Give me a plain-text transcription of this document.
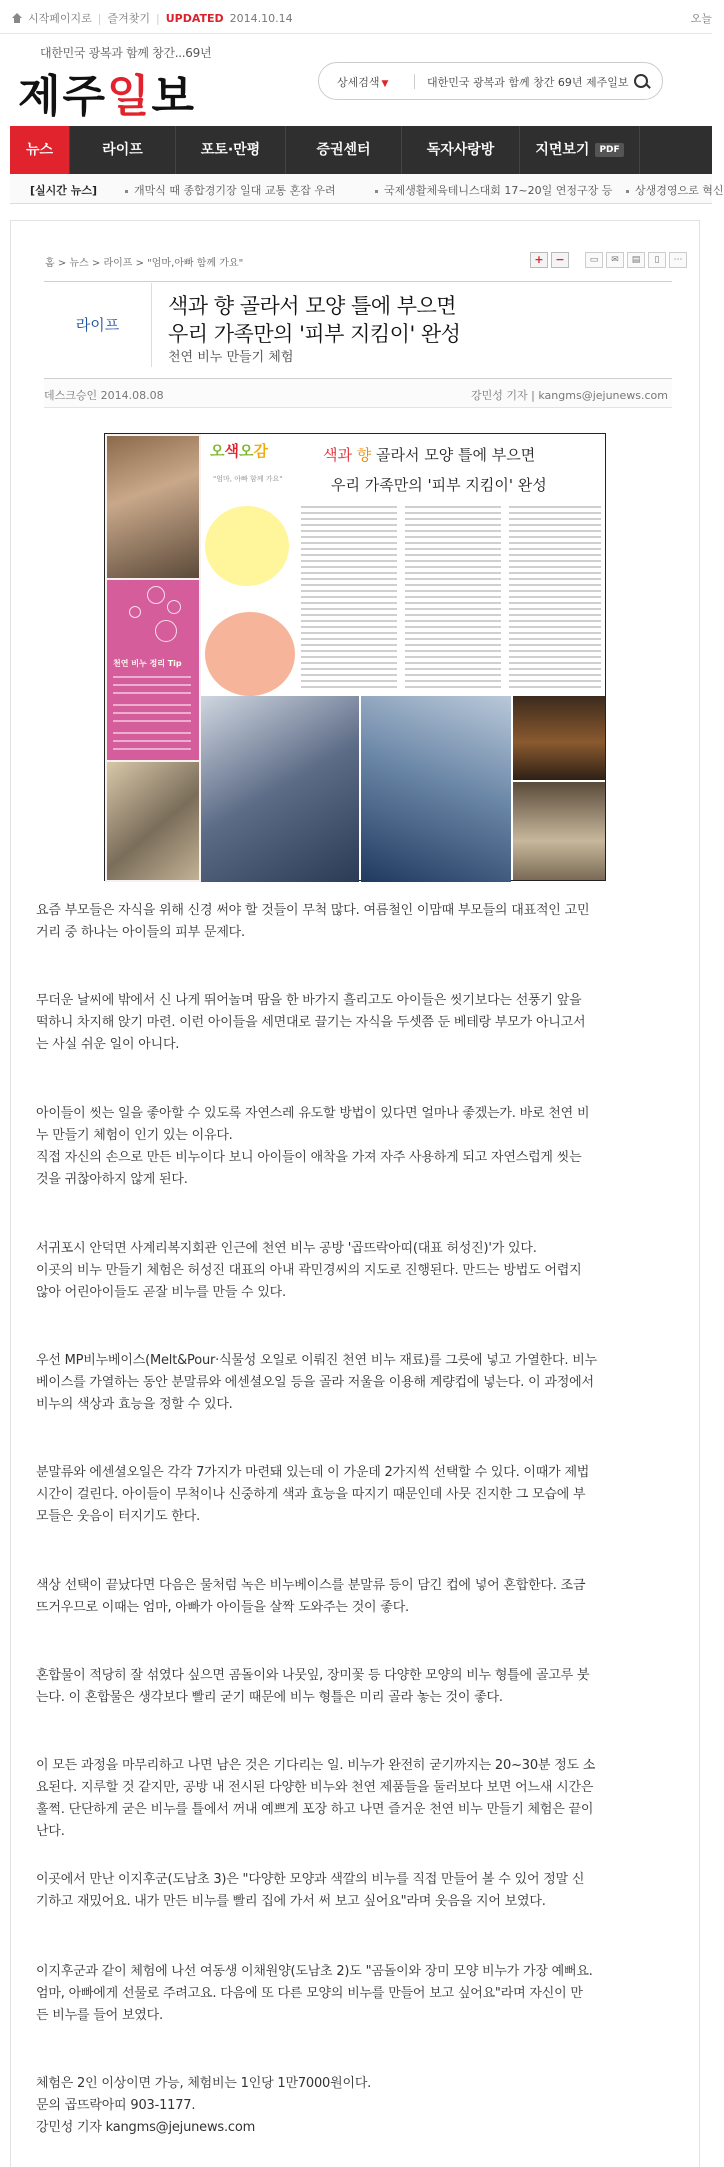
시작페이지로 | 즐겨찾기 | UPDATED 2014.10.14	오늘
대한민국 광복과 함께 창간...69년
제주일보	상세검색 ▼	대한민국 광복과 함께 창간 69년 제주일보
뉴스	라이프	포토·만평	증권센터	독자사랑방	지면보기 PDF
[실시간 뉴스]	개막식 때 종합경기장 일대 교통 혼잡 우려	국제생활체육테니스대회 17~20일 연정구장 등	상생경영으로 혁신
홈 > 뉴스 > 라이프 > "엄마,아빠 함께 가요"	+	−	▭	✉	▤	▯	⋯
라이프
색과 향 골라서 모양 틀에 부으면
우리 가족만의 '피부 지킴이' 완성
천연 비누 만들기 체험
데스크승인 2014.08.08	강민성 기자 | kangms@jejunews.com
천연 비누 정리 Tip
오색오감
"엄마, 아빠 함께 가요"
색과 향 골라서 모양 틀에 부으면
우리 가족만의 '피부 지킴이' 완성
요즘 부모들은 자식을 위해 신경 써야 할 것들이 무척 많다. 여름철인 이맘때 부모들의 대표적인 고민
거리 중 하나는 아이들의 피부 문제다.
무더운 날씨에 밖에서 신 나게 뛰어놀며 땀을 한 바가지 흘리고도 아이들은 씻기보다는 선풍기 앞을
떡하니 차지해 앉기 마련. 이런 아이들을 세면대로 끌기는 자식을 두셋쯤 둔 베테랑 부모가 아니고서
는 사실 쉬운 일이 아니다.
아이들이 씻는 일을 좋아할 수 있도록 자연스레 유도할 방법이 있다면 얼마나 좋겠는가. 바로 천연 비
누 만들기 체험이 인기 있는 이유다.
직접 자신의 손으로 만든 비누이다 보니 아이들이 애착을 가져 자주 사용하게 되고 자연스럽게 씻는
것을 귀찮아하지 않게 된다.
서귀포시 안덕면 사계리복지회관 인근에 천연 비누 공방 '곱뜨락아띠(대표 허성진)'가 있다.
이곳의 비누 만들기 체험은 허성진 대표의 아내 곽민경씨의 지도로 진행된다. 만드는 방법도 어렵지
않아 어린아이들도 곧잘 비누를 만들 수 있다.
우선 MP비누베이스(Melt&Pour·식물성 오일로 이뤄진 천연 비누 재료)를 그릇에 넣고 가열한다. 비누
베이스를 가열하는 동안 분말류와 에센셜오일 등을 골라 저울을 이용해 계량컵에 넣는다. 이 과정에서
비누의 색상과 효능을 정할 수 있다.
분말류와 에센셜오일은 각각 7가지가 마련돼 있는데 이 가운데 2가지씩 선택할 수 있다. 이때가 제법
시간이 걸린다. 아이들이 무척이나 신중하게 색과 효능을 따지기 때문인데 사뭇 진지한 그 모습에 부
모들은 웃음이 터지기도 한다.
색상 선택이 끝났다면 다음은 물처럼 녹은 비누베이스를 분말류 등이 담긴 컵에 넣어 혼합한다. 조금
뜨거우므로 이때는 엄마, 아빠가 아이들을 살짝 도와주는 것이 좋다.
혼합물이 적당히 잘 섞였다 싶으면 곰돌이와 나뭇잎, 장미꽃 등 다양한 모양의 비누 형틀에 골고루 붓
는다. 이 혼합물은 생각보다 빨리 굳기 때문에 비누 형틀은 미리 골라 놓는 것이 좋다.
이 모든 과정을 마무리하고 나면 남은 것은 기다리는 일. 비누가 완전히 굳기까지는 20~30분 정도 소
요된다. 지루할 것 같지만, 공방 내 전시된 다양한 비누와 천연 제품들을 둘러보다 보면 어느새 시간은
훌쩍. 단단하게 굳은 비누를 틀에서 꺼내 예쁘게 포장 하고 나면 즐거운 천연 비누 만들기 체험은 끝이
난다.
이곳에서 만난 이지후군(도남초 3)은 "다양한 모양과 색깔의 비누를 직접 만들어 볼 수 있어 정말 신
기하고 재밌어요. 내가 만든 비누를 빨리 집에 가서 써 보고 싶어요"라며 웃음을 지어 보였다.
이지후군과 같이 체험에 나선 여동생 이채원양(도남초 2)도 "곰돌이와 장미 모양 비누가 가장 예뻐요.
엄마, 아빠에게 선물로 주려고요. 다음에 또 다른 모양의 비누를 만들어 보고 싶어요"라며 자신이 만
든 비누를 들어 보였다.
체험은 2인 이상이면 가능, 체험비는 1인당 1만7000원이다.
문의 곱뜨락아띠 903-1177.
강민성 기자 kangms@jejunews.com
